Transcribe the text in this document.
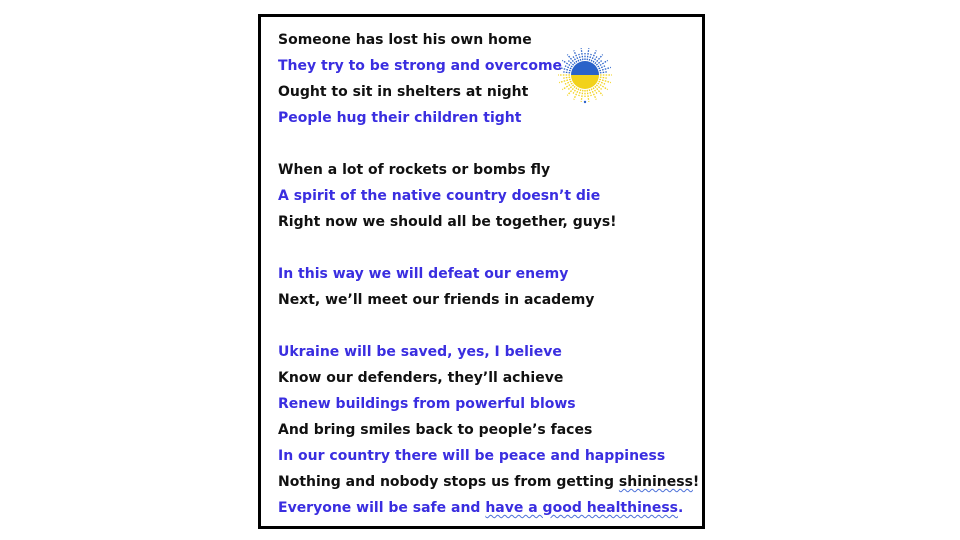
Someone has lost his own home

They try to be strong and overcome

Ought to sit in shelters at night

People hug their children tight

When a lot of rockets or bombs fly

A spirit of the native country doesn’t die

Right now we should all be together, guys!

In this way we will defeat our enemy

Next, we’ll meet our friends in academy

Ukraine will be saved, yes, I believe

Know our defenders, they’ll achieve

Renew buildings from powerful blows

And bring smiles back to people’s faces

In our country there will be peace and happiness

Nothing and nobody stops us from getting shininess!

Everyone will be safe and have a good healthiness.
